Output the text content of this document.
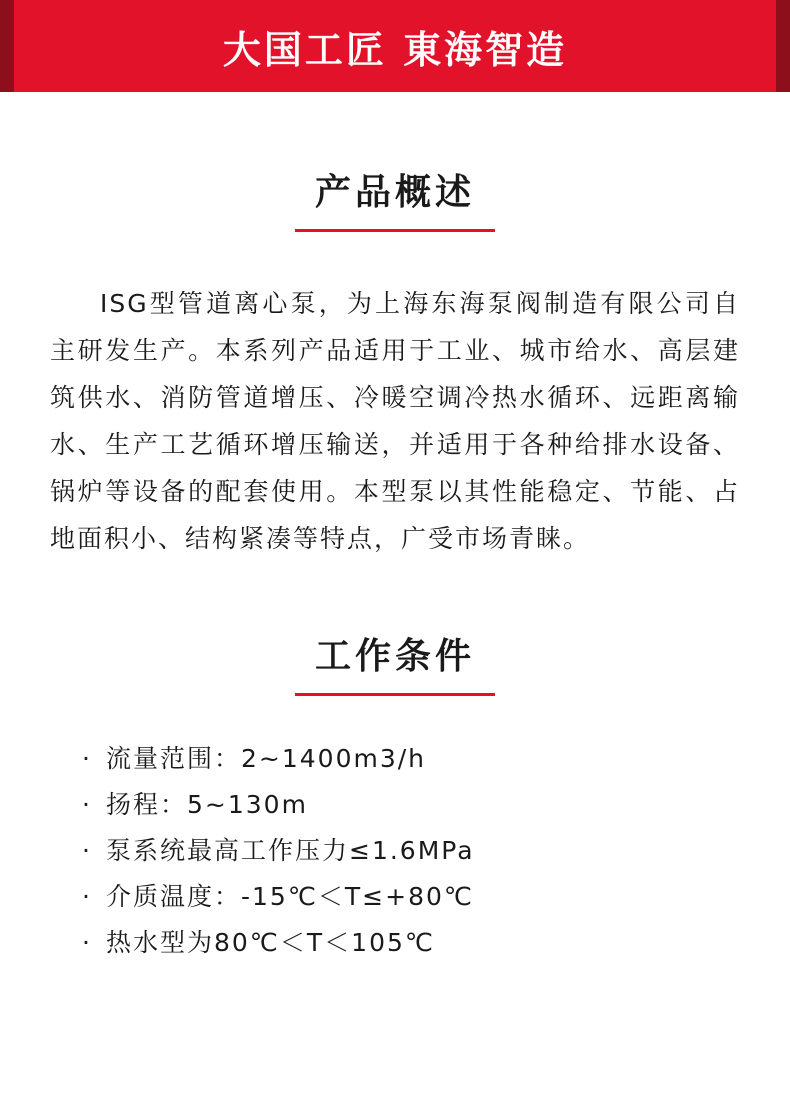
大国工匠 東海智造
产品概述
ISG型管道离心泵，为上海东海泵阀制造有限公司自主研发生产。本系列产品适用于工业、城市给水、高层建筑供水、消防管道增压、冷暖空调冷热水循环、远距离输水、生产工艺循环增压输送，并适用于各种给排水设备、锅炉等设备的配套使用。本型泵以其性能稳定、节能、占地面积小、结构紧凑等特点，广受市场青睐。
工作条件
· 流量范围：2~1400m3/h
· 扬程：5~130m
· 泵系统最高工作压力≤1.6MPa
· 介质温度：-15℃＜T≤+80℃
· 热水型为80℃＜T＜105℃
